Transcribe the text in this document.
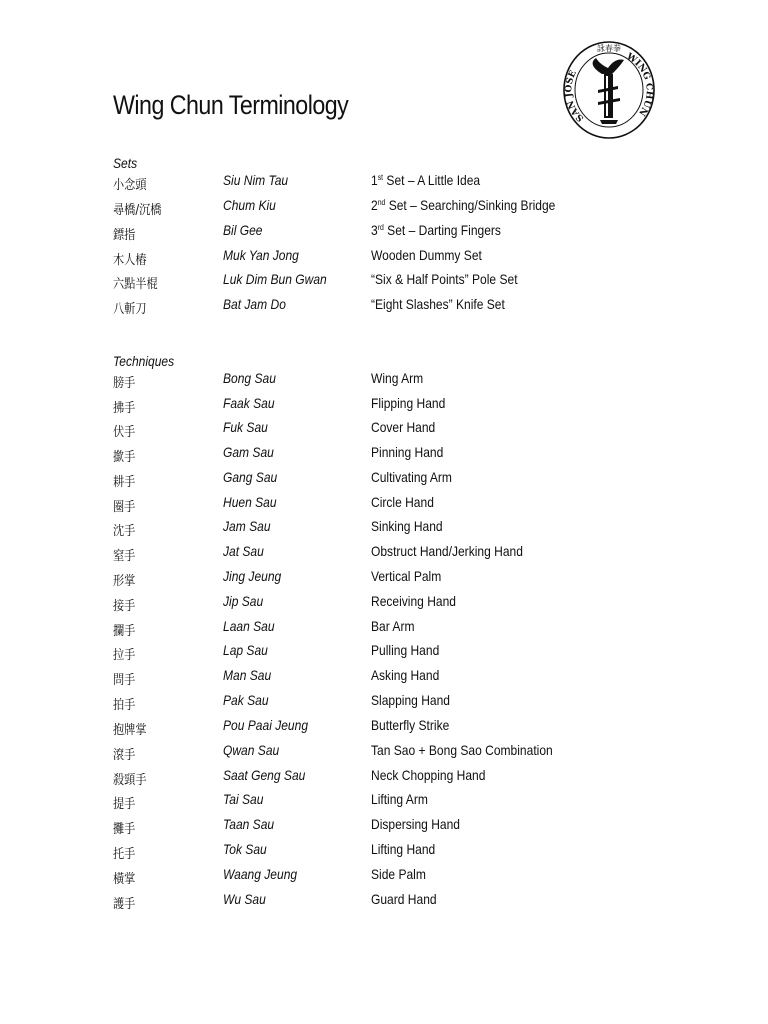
Wing Chun Terminology
詠春拳
SAN JOSE
WING CHUN
Sets
小念頭	Siu Nim Tau	1st Set – A Little Idea
尋橋/沉橋	Chum Kiu	2nd Set – Searching/Sinking Bridge
鏢指	Bil Gee	3rd Set – Darting Fingers
木人樁	Muk Yan Jong	Wooden Dummy Set
六點半棍	Luk Dim Bun Gwan	“Six & Half Points” Pole Set
八斬刀	Bat Jam Do	“Eight Slashes” Knife Set
Techniques
膀手	Bong Sau	Wing Arm
拂手	Faak Sau	Flipping Hand
伏手	Fuk Sau	Cover Hand
撳手	Gam Sau	Pinning Hand
耕手	Gang Sau	Cultivating Arm
圈手	Huen Sau	Circle Hand
沈手	Jam Sau	Sinking Hand
窒手	Jat Sau	Obstruct Hand/Jerking Hand
形掌	Jing Jeung	Vertical Palm
接手	Jip Sau	Receiving Hand
攔手	Laan Sau	Bar Arm
拉手	Lap Sau	Pulling Hand
問手	Man Sau	Asking Hand
拍手	Pak Sau	Slapping Hand
抱牌掌	Pou Paai Jeung	Butterfly Strike
滾手	Qwan Sau	Tan Sao + Bong Sao Combination
殺頸手	Saat Geng Sau	Neck Chopping Hand
提手	Tai Sau	Lifting Arm
攤手	Taan Sau	Dispersing Hand
托手	Tok Sau	Lifting Hand
橫掌	Waang Jeung	Side Palm
護手	Wu Sau	Guard Hand
